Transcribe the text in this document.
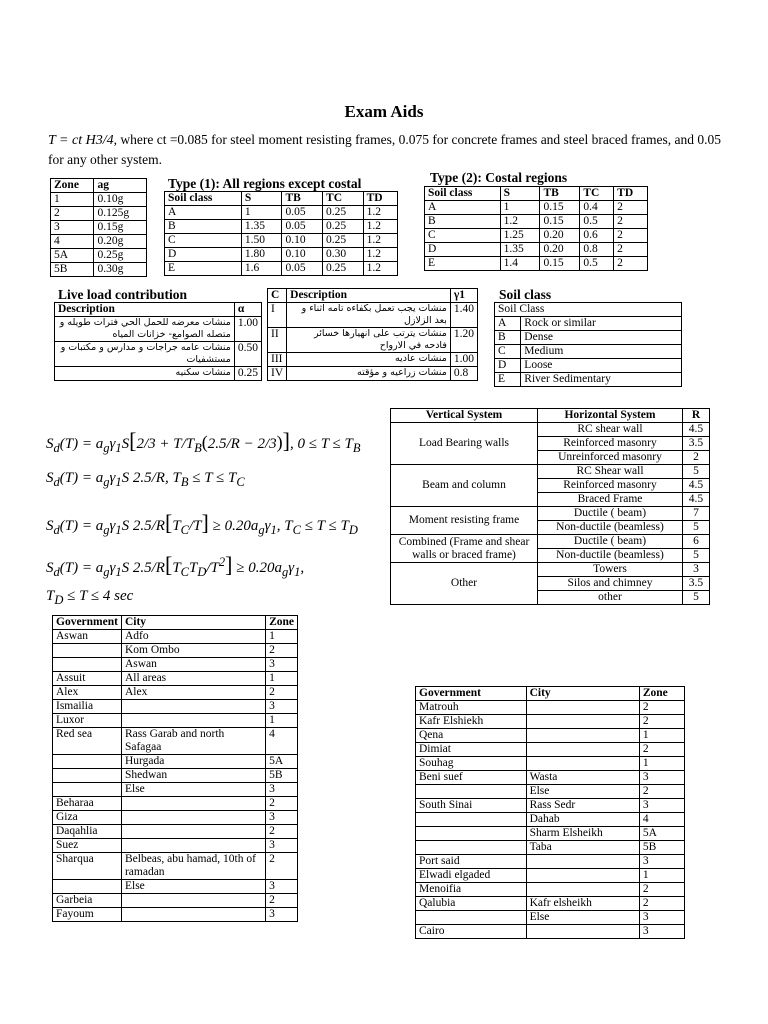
Exam Aids
T = ct H3/4, where ct =0.085 for steel moment resisting frames, 0.075 for concrete frames and steel braced frames, and 0.05 for any other system.
Zone	ag
1	0.10g
2	0.125g
3	0.15g
4	0.20g
5A	0.25g
5B	0.30g
Type (1): All regions except costal
Soil class	S	TB	TC	TD
A	1	0.05	0.25	1.2
B	1.35	0.05	0.25	1.2
C	1.50	0.10	0.25	1.2
D	1.80	0.10	0.30	1.2
E	1.6	0.05	0.25	1.2
Type (2): Costal regions
Soil class	S	TB	TC	TD
A	1	0.15	0.4	2
B	1.2	0.15	0.5	2
C	1.25	0.20	0.6	2
D	1.35	0.20	0.8	2
E	1.4	0.15	0.5	2
Live load contribution
Description	α
منشآت معرضه للحمل الحي فترات طويله و متصله الصوامع- خزانات المياه	1.00
منشآت عامه جراجات و مدارس و مكتبات و مستشفيات	0.50
منشآت سكنيه	0.25
C	Description	γ1
I	منشآت يجب تعمل بكفاءه تامه اثناء و بعد الزلازل	1.40
II	منشآت يترتب على انهيارها خسائر فادحه في الارواح	1.20
III	منشآت عاديه	1.00
IV	منشآت زراعيه و مؤقته	0.8
Soil class
Soil Class	
A	Rock or similar
B	Dense
C	Medium
D	Loose
E	River Sedimentary
$S_d(T) = a_g\gamma_1S[2/3 + T/T_B(2.5/R - 2/3)]$, $0 \le T \le T_B$
$S_d(T) = a_g\gamma_1S$ 2.5/R, $T_B \le T \le T_C$
$S_d(T) = a_g\gamma_1S$ $2.5/R[T_C/T] \ge 0.20a_g\gamma_1$, $T_C \le T \le T_D$
$S_d(T) = a_g\gamma_1S$ $2.5/R[T_CT_D/T^2] \ge 0.20a_g\gamma_1$,
$T_D \le T \le 4$ sec
Vertical System	Horizontal System	R
Load Bearing walls	RC shear wall	4.5
	Reinforced masonry	3.5
	Unreinforced masonry	2
Beam and column	RC Shear wall	5
	Reinforced masonry	4.5
	Braced Frame	4.5
Moment resisting frame	Ductile ( beam)	7
	Non-ductile (beamless)	5
Combined (Frame and shear walls or braced frame)	Ductile ( beam)	6
	Non-ductile (beamless)	5
Other	Towers	3
	Silos and chimney	3.5
	other	5
Government	City	Zone
Aswan	Adfo	1
	Kom Ombo	2
	Aswan	3
Assuit	All areas	1
Alex	Alex	2
Ismailia		3
Luxor		1
Red sea	Rass Garab and north Safagaa	4
	Hurgada	5A
	Shedwan	5B
	Else	3
Beharaa		2
Giza		3
Daqahlia		2
Suez		3
Sharqua	Belbeas, abu hamad, 10th of ramadan	2
	Else	3
Garbeia		2
Fayoum		3
Government	City	Zone
Matrouh		2
Kafr Elshiekh		2
Qena		1
Dimiat		2
Souhag		1
Beni suef	Wasta	3
	Else	2
South Sinai	Rass Sedr	3
	Dahab	4
	Sharm Elsheikh	5A
	Taba	5B
Port said		3
Elwadi elgaded		1
Menoifia		2
Qalubia	Kafr elsheikh	2
	Else	3
Cairo		3
